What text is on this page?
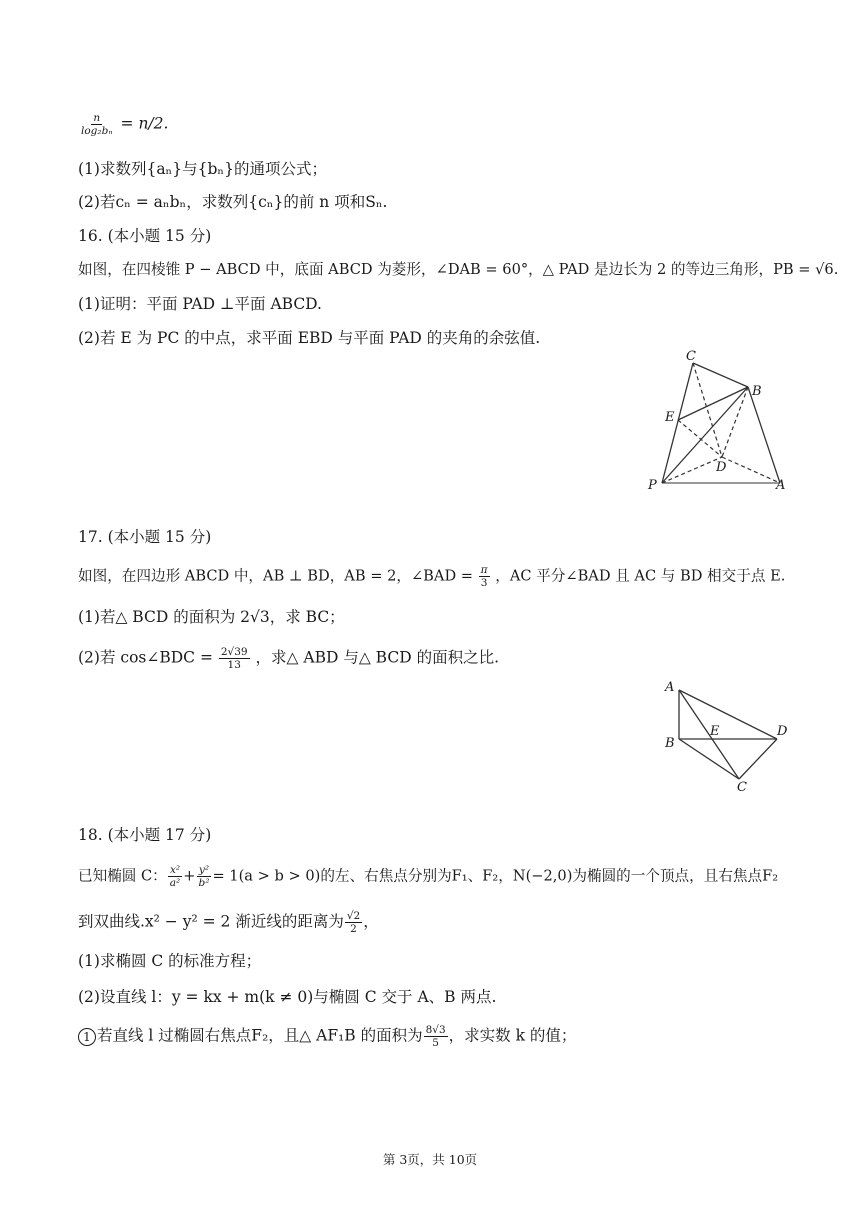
$\frac{n}{\text{log₂bₙ}} = n/2$.
(1)求数列{aₙ}与{bₙ}的通项公式；
(2)若cₙ = aₙbₙ，求数列{cₙ}的前 n 项和Sₙ.
16. (本小题 15 分)
如图，在四棱锥 P − ABCD 中，底面 ABCD 为菱形，∠DAB = 60°，△ PAD 是边长为 2 的等边三角形，PB = √6.
(1)证明：平面 PAD ⊥平面 ABCD.
(2)若 E 为 PC 的中点，求平面 EBD 与平面 PAD 的夹角的余弦值.
C
B
E
D
P	A
17. (本小题 15 分)
如图，在四边形 ABCD 中，AB ⊥ BD，AB = 2，∠BAD = $\frac{\pi}{3}$ ，AC 平分∠BAD 且 AC 与 BD 相交于点 E.
(1)若△ BCD 的面积为 2√3，求 BC；
(2)若 cos∠BDC = $\frac{2√39}{13}$ ，求△ ABD 与△ BCD 的面积之比.
A
B
E	D
C
18. (本小题 17 分)
已知椭圆 C： $\frac{\text{x²}}{\text{a²}} + \frac{\text{y²}}{\text{b²}} = 1(a > b > 0)$的左、右焦点分别为F₁、F₂，N(−2,0)为椭圆的一个顶点，且右焦点F₂
到双曲线.x² − y² = 2 渐近线的距离为 $\frac{√2}{2}$ ，
(1)求椭圆 C 的标准方程；
(2)设直线 l：y = kx + m(k ≠ 0)与椭圆 C 交于 A、B 两点.
1 若直线 l 过椭圆右焦点F₂，且△ AF₁B 的面积为 $\frac{8√3}{5}$ ，求实数 k 的值；
第 3页，共 10页
